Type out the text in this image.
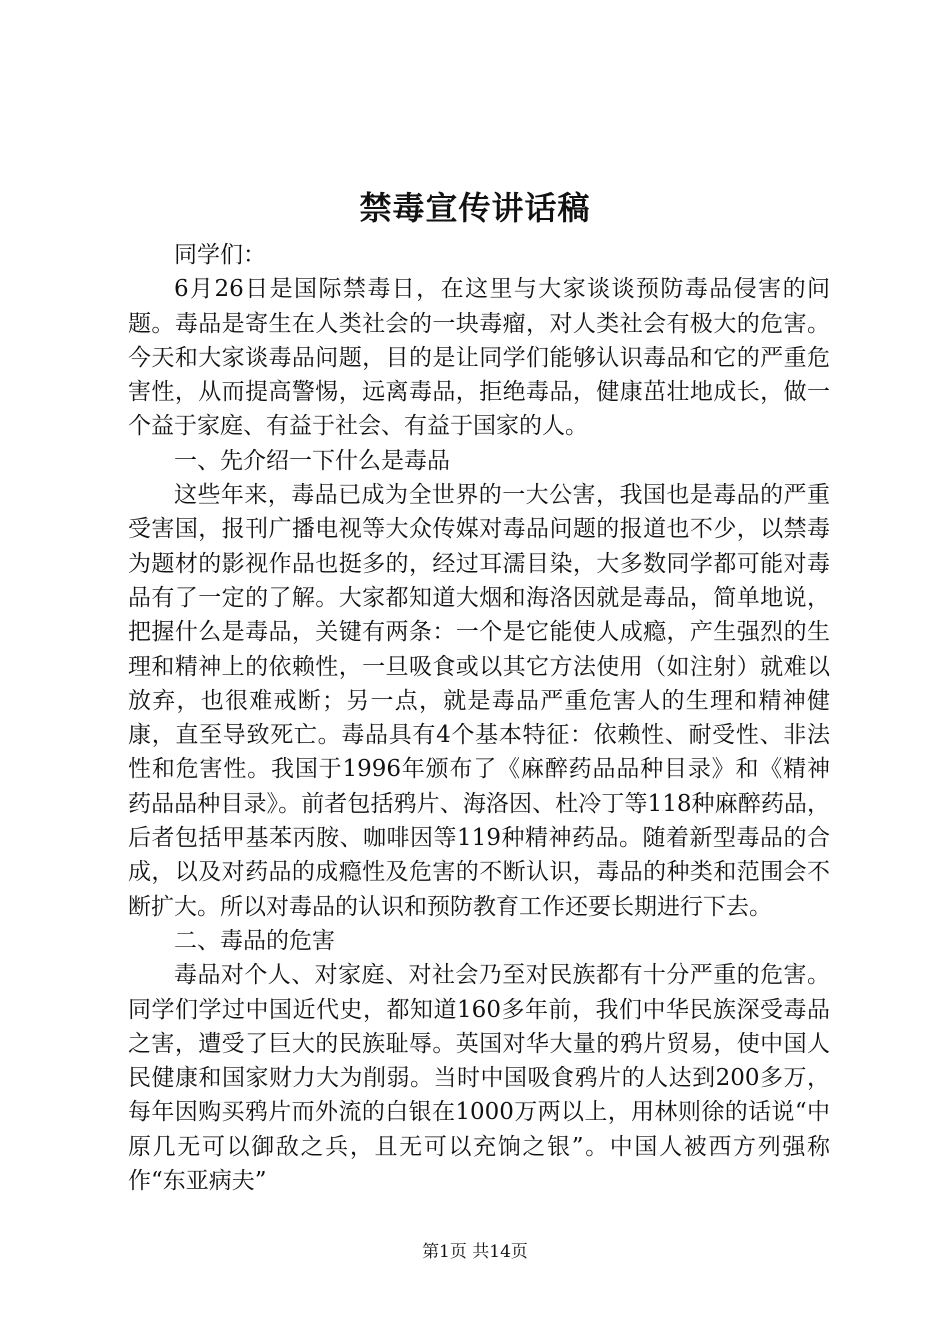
禁毒宣传讲话稿

同学们：

6月26日是国际禁毒日，在这里与大家谈谈预防毒品侵害的问题。毒品是寄生在人类社会的一块毒瘤，对人类社会有极大的危害。今天和大家谈毒品问题，目的是让同学们能够认识毒品和它的严重危害性，从而提高警惕，远离毒品，拒绝毒品，健康茁壮地成长，做一个益于家庭、有益于社会、有益于国家的人。

一、先介绍一下什么是毒品

这些年来，毒品已成为全世界的一大公害，我国也是毒品的严重受害国，报刊广播电视等大众传媒对毒品问题的报道也不少，以禁毒为题材的影视作品也挺多的，经过耳濡目染，大多数同学都可能对毒品有了一定的了解。大家都知道大烟和海洛因就是毒品，简单地说，把握什么是毒品，关键有两条：一个是它能使人成瘾，产生强烈的生理和精神上的依赖性，一旦吸食或以其它方法使用（如注射）就难以放弃，也很难戒断；另一点，就是毒品严重危害人的生理和精神健康，直至导致死亡。毒品具有4个基本特征：依赖性、耐受性、非法性和危害性。我国于1996年颁布了《麻醉药品品种目录》和《精神药品品种目录》。前者包括鸦片、海洛因、杜冷丁等118种麻醉药品，后者包括甲基苯丙胺、咖啡因等119种精神药品。随着新型毒品的合成，以及对药品的成瘾性及危害的不断认识，毒品的种类和范围会不断扩大。所以对毒品的认识和预防教育工作还要长期进行下去。

二、毒品的危害

毒品对个人、对家庭、对社会乃至对民族都有十分严重的危害。同学们学过中国近代史，都知道160多年前，我们中华民族深受毒品之害，遭受了巨大的民族耻辱。英国对华大量的鸦片贸易，使中国人民健康和国家财力大为削弱。当时中国吸食鸦片的人达到200多万，每年因购买鸦片而外流的白银在1000万两以上，用林则徐的话说“中原几无可以御敌之兵，且无可以充饷之银”。中国人被西方列强称作“东亚病夫”

第1页 共14页
